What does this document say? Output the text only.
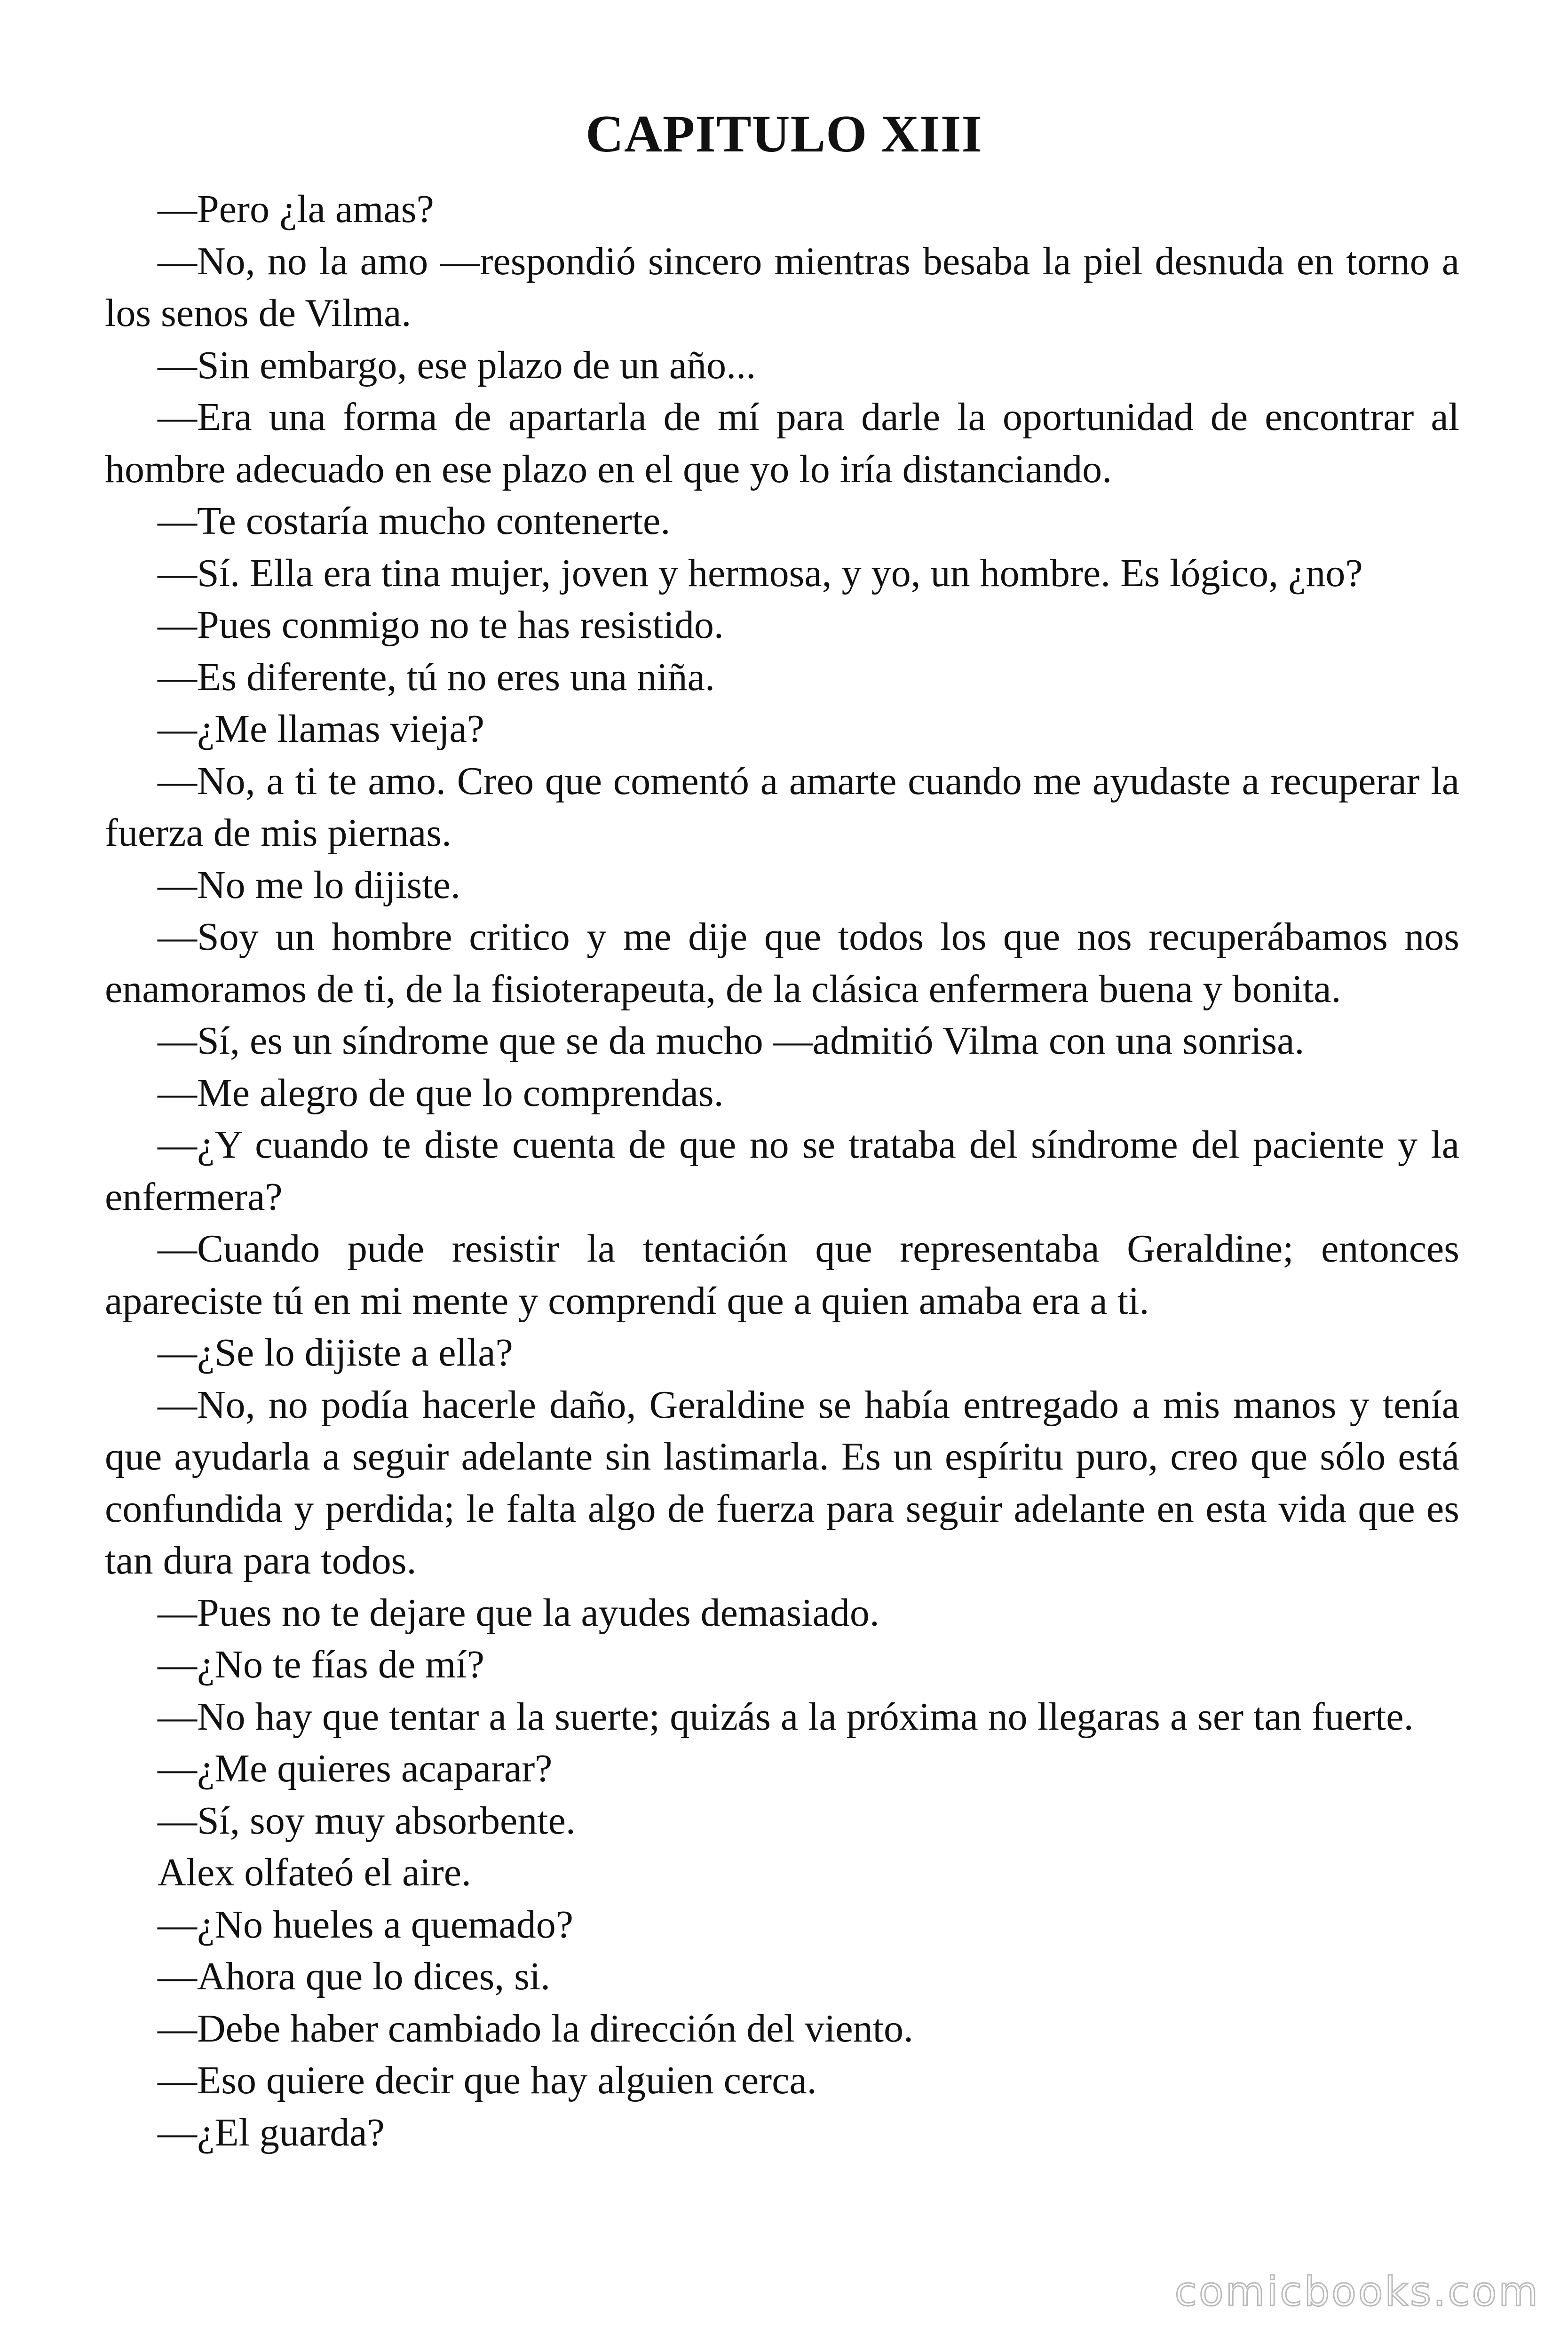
CAPITULO XIII

—Pero ¿la amas?

—No, no la amo —respondió sincero mientras besaba la piel desnuda en torno a los senos de Vilma.

—Sin embargo, ese plazo de un año...

—Era una forma de apartarla de mí para darle la oportunidad de encontrar al hombre adecuado en ese plazo en el que yo lo iría distanciando.

—Te costaría mucho contenerte.

—Sí. Ella era tina mujer, joven y hermosa, y yo, un hombre. Es lógico, ¿no?

—Pues conmigo no te has resistido.

—Es diferente, tú no eres una niña.

—¿Me llamas vieja?

—No, a ti te amo. Creo que comentó a amarte cuando me ayudaste a recuperar la fuerza de mis piernas.

—No me lo dijiste.

—Soy un hombre critico y me dije que todos los que nos recuperábamos nos enamoramos de ti, de la fisioterapeuta, de la clásica enfermera buena y bonita.

—Sí, es un síndrome que se da mucho —admitió Vilma con una sonrisa.

—Me alegro de que lo comprendas.

—¿Y cuando te diste cuenta de que no se trataba del síndrome del paciente y la enfermera?

—Cuando pude resistir la tentación que representaba Geraldine; entonces apareciste tú en mi mente y comprendí que a quien amaba era a ti.

—¿Se lo dijiste a ella?

—No, no podía hacerle daño, Geraldine se había entregado a mis manos y tenía que ayudarla a seguir adelante sin lastimarla. Es un espíritu puro, creo que sólo está confundida y perdida; le falta algo de fuerza para seguir adelante en esta vida que es tan dura para todos.

—Pues no te dejare que la ayudes demasiado.

—¿No te fías de mí?

—No hay que tentar a la suerte; quizás a la próxima no llegaras a ser tan fuerte.

—¿Me quieres acaparar?

—Sí, soy muy absorbente.

Alex olfateó el aire.

—¿No hueles a quemado?

—Ahora que lo dices, si.

—Debe haber cambiado la dirección del viento.

—Eso quiere decir que hay alguien cerca.

—¿El guarda?

comicbooks.com
